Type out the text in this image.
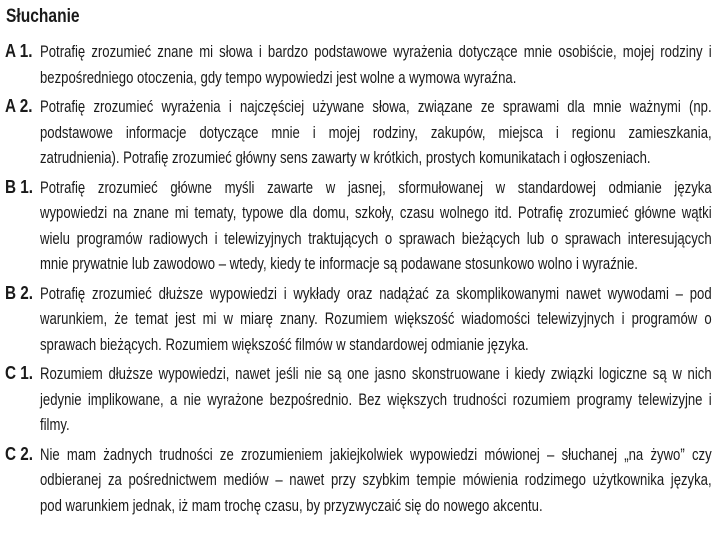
Słuchanie
A 1. Potrafię zrozumieć znane mi słowa i bardzo podstawowe wyrażenia dotyczące mnie osobiście, mojej rodziny i
bezpośredniego otoczenia, gdy tempo wypowiedzi jest wolne a wymowa wyraźna.
A 2. Potrafię zrozumieć wyrażenia i najczęściej używane słowa, związane ze sprawami dla mnie ważnymi (np.
podstawowe informacje dotyczące mnie i mojej rodziny, zakupów, miejsca i regionu zamieszkania,
zatrudnienia). Potrafię zrozumieć główny sens zawarty w krótkich, prostych komunikatach i ogłoszeniach.
B 1. Potrafię zrozumieć główne myśli zawarte w jasnej, sformułowanej w standardowej odmianie języka
wypowiedzi na znane mi tematy, typowe dla domu, szkoły, czasu wolnego itd. Potrafię zrozumieć główne wątki
wielu programów radiowych i telewizyjnych traktujących o sprawach bieżących lub o sprawach interesujących
mnie prywatnie lub zawodowo – wtedy, kiedy te informacje są podawane stosunkowo wolno i wyraźnie.
B 2. Potrafię zrozumieć dłuższe wypowiedzi i wykłady oraz nadążać za skomplikowanymi nawet wywodami – pod
warunkiem, że temat jest mi w miarę znany. Rozumiem większość wiadomości telewizyjnych i programów o
sprawach bieżących. Rozumiem większość filmów w standardowej odmianie języka.
C 1. Rozumiem dłuższe wypowiedzi, nawet jeśli nie są one jasno skonstruowane i kiedy związki logiczne są w nich
jedynie implikowane, a nie wyrażone bezpośrednio. Bez większych trudności rozumiem programy telewizyjne i
filmy.
C 2. Nie mam żadnych trudności ze zrozumieniem jakiejkolwiek wypowiedzi mówionej – słuchanej „na żywo” czy
odbieranej za pośrednictwem mediów – nawet przy szybkim tempie mówienia rodzimego użytkownika języka,
pod warunkiem jednak, iż mam trochę czasu, by przyzwyczaić się do nowego akcentu.
